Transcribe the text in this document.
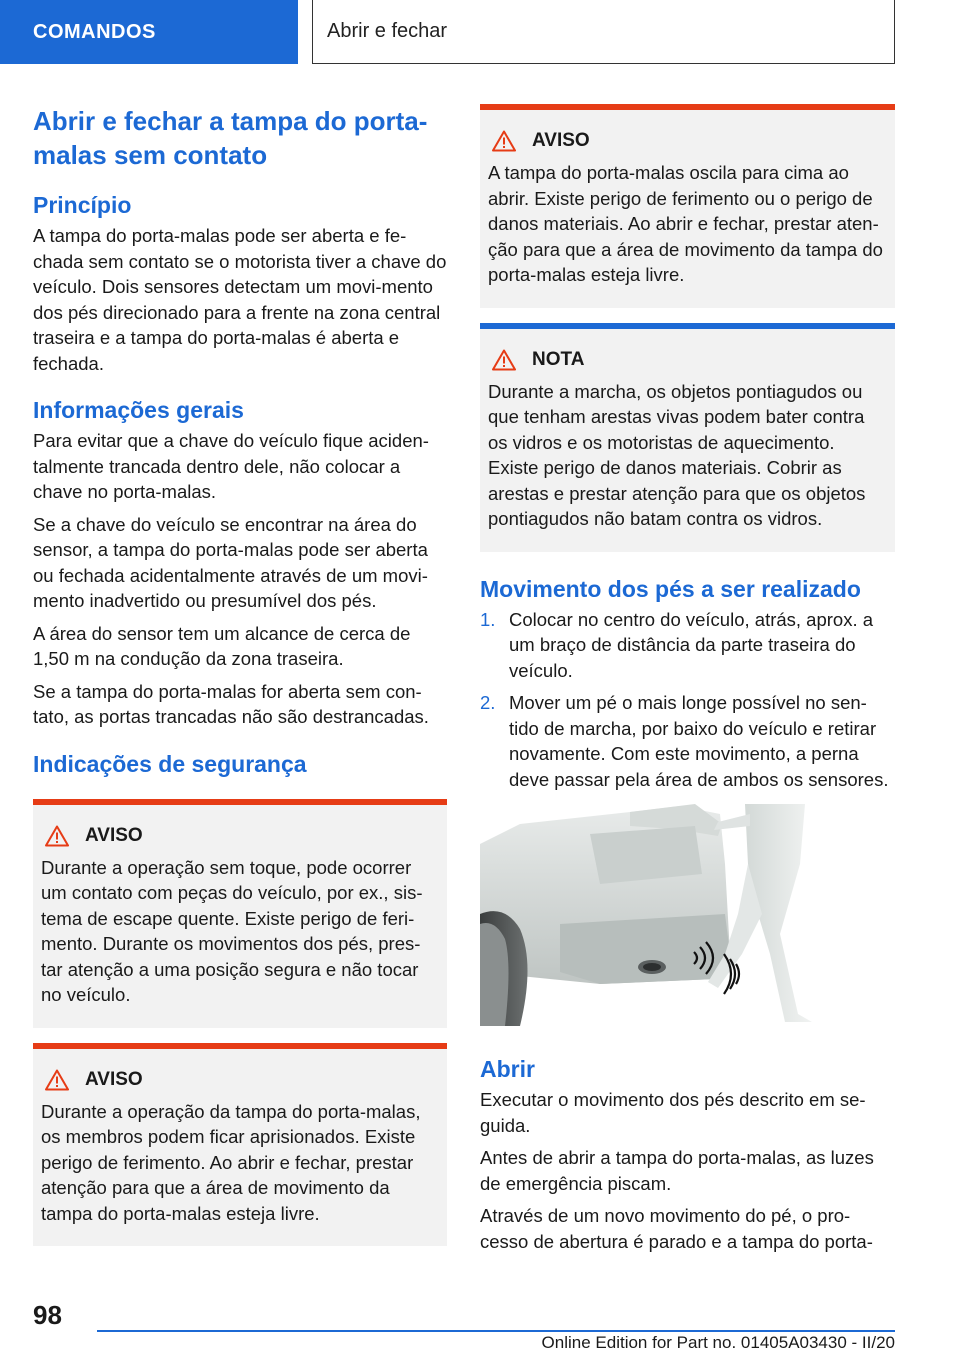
COMANDOS	Abrir e fechar
Abrir e fechar a tampa do porta-malas sem contato
Princípio

A tampa do porta-malas pode ser aberta e fe-chada sem contato se o motorista tiver a chave do veículo. Dois sensores detectam um movi-mento dos pés direcionado para a frente na zona central traseira e a tampa do porta-malas é aberta e fechada.

Informações gerais

Para evitar que a chave do veículo fique aciden-talmente trancada dentro dele, não colocar a chave no porta-malas.

Se a chave do veículo se encontrar na área do sensor, a tampa do porta-malas pode ser aberta ou fechada acidentalmente através de um movi-mento inadvertido ou presumível dos pés.

A área do sensor tem um alcance de cerca de 1,50 m na condução da zona traseira.

Se a tampa do porta-malas for aberta sem con-tato, as portas trancadas não são destrancadas.

Indicações de segurança
AVISO

Durante a operação sem toque, pode ocorrer um contato com peças do veículo, por ex., sis-tema de escape quente. Existe perigo de feri-mento. Durante os movimentos dos pés, pres-tar atenção a uma posição segura e não tocar no veículo.

AVISO

Durante a operação da tampa do porta-malas, os membros podem ficar aprisionados. Existe perigo de ferimento. Ao abrir e fechar, prestar atenção para que a área de movimento da tampa do porta-malas esteja livre.

AVISO

A tampa do porta-malas oscila para cima ao abrir. Existe perigo de ferimento ou o perigo de danos materiais. Ao abrir e fechar, prestar aten-ção para que a área de movimento da tampa do porta-malas esteja livre.

NOTA

Durante a marcha, os objetos pontiagudos ou que tenham arestas vivas podem bater contra os vidros e os motoristas de aquecimento. Existe perigo de danos materiais. Cobrir as arestas e prestar atenção para que os objetos pontiagudos não batam contra os vidros.

Movimento dos pés a ser realizado
1. Colocar no centro do veículo, atrás, aprox. a um braço de distância da parte traseira do veículo.
2. Mover um pé o mais longe possível no sen-tido de marcha, por baixo do veículo e retirar novamente. Com este movimento, a perna deve passar pela área de ambos os sensores.
Abrir

Executar o movimento dos pés descrito em se-guida.

Antes de abrir a tampa do porta-malas, as luzes de emergência piscam.

Através de um novo movimento do pé, o pro-cesso de abertura é parado e a tampa do porta-

98
Online Edition for Part no. 01405A03430 - II/20
